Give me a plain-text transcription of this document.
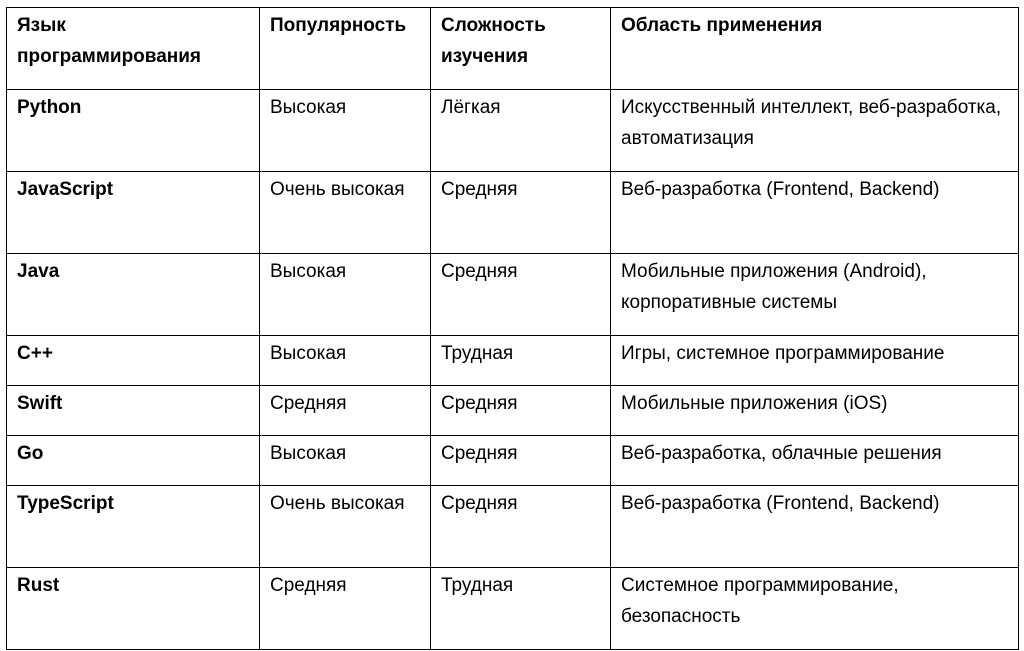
Язык программирования	Популярность	Сложность изучения	Область применения
Python	Высокая	Лёгкая	Искусственный интеллект, веб-разработка, автоматизация
JavaScript	Очень высокая	Средняя	Веб-разработка (Frontend, Backend)
Java	Высокая	Средняя	Мобильные приложения (Android), корпоративные системы
C++	Высокая	Трудная	Игры, системное программирование
Swift	Средняя	Средняя	Мобильные приложения (iOS)
Go	Высокая	Средняя	Веб-разработка, облачные решения
TypeScript	Очень высокая	Средняя	Веб-разработка (Frontend, Backend)
Rust	Средняя	Трудная	Системное программирование, безопасность
